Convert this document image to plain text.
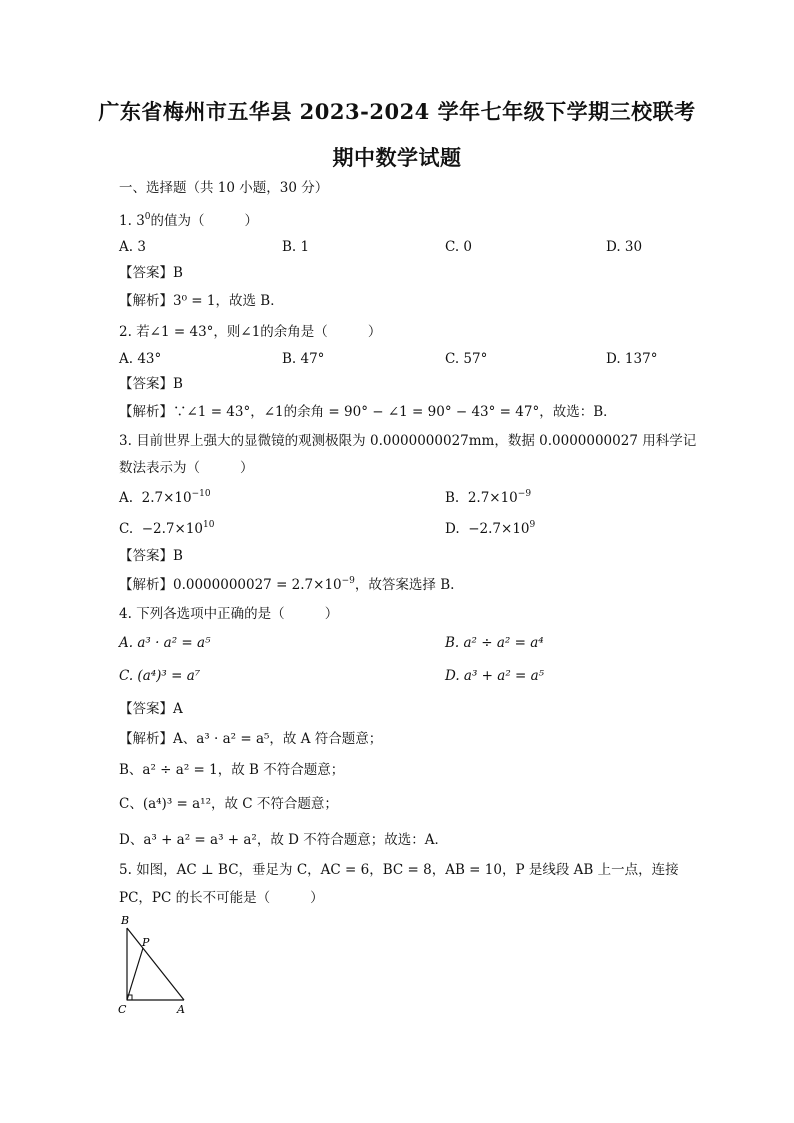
广东省梅州市五华县 2023-2024 学年七年级下学期三校联考
期中数学试题
一、选择题（共 10 小题，30 分）
1. $3^0$的值为（	）
A. 3	B. 1	C. 0	D. 30
【答案】B
【解析】3⁰ = 1，故选 B．
2. 若∠1 = 43°，则∠1的余角是（	）
A. 43°	B. 47°	C. 57°	D. 137°
【答案】B
【解析】∵∠1 = 43°，∠1的余角 = 90° − ∠1 = 90° − 43° = 47°，故选：B．
3. 目前世界上强大的显微镜的观测极限为 0.0000000027mm，数据 0.0000000027 用科学记
数法表示为（	）
A. $2.7\times 10^{-10}$	B. $2.7\times 10^{-9}$
C. $-2.7\times 10^{10}$	D. $-2.7\times 10^9$
【答案】B
【解析】$0.0000000027 = 2.7\times 10^{-9}$，故答案选择 B.
4. 下列各选项中正确的是（	）
A. a³ · a² = a⁵	B. a² ÷ a² = a⁴
C. (a⁴)³ = a⁷	D. a³ + a² = a⁵
【答案】A
【解析】A、a³ · a² = a⁵，故 A 符合题意；
B、a² ÷ a² = 1，故 B 不符合题意；
C、(a⁴)³ = a¹²，故 C 不符合题意；
D、a³ + a² = a³ + a²，故 D 不符合题意；故选：A．
5. 如图，AC ⊥ BC，垂足为 C，AC = 6，BC = 8，AB = 10，P 是线段 AB 上一点，连接
PC，PC 的长不可能是（	）
B
P
C	A
